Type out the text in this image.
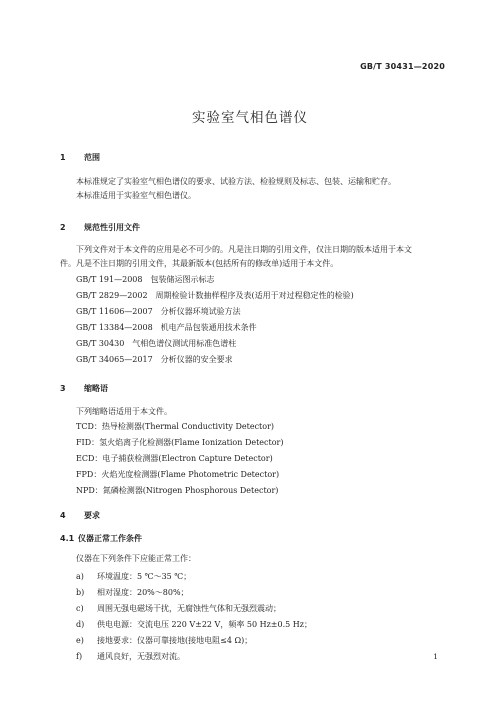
GB/T 30431—2020
实验室气相色谱仪
1 范围
本标准规定了实验室气相色谱仪的要求、试验方法、检验规则及标志、包装、运输和贮存。
本标准适用于实验室气相色谱仪。
2 规范性引用文件
下列文件对于本文件的应用是必不可少的。凡是注日期的引用文件，仅注日期的版本适用于本文
件。凡是不注日期的引用文件，其最新版本(包括所有的修改单)适用于本文件。
GB/T 191—2008　包装储运图示标志
GB/T 2829—2002　周期检验计数抽样程序及表(适用于对过程稳定性的检验)
GB/T 11606—2007　分析仪器环境试验方法
GB/T 13384—2008　机电产品包装通用技术条件
GB/T 30430　气相色谱仪测试用标准色谱柱
GB/T 34065—2017　分析仪器的安全要求
3 缩略语
下列缩略语适用于本文件。
TCD：热导检测器(Thermal Conductivity Detector)
FID：氢火焰离子化检测器(Flame Ionization Detector)
ECD：电子捕获检测器(Electron Capture Detector)
FPD：火焰光度检测器(Flame Photometric Detector)
NPD：氮磷检测器(Nitrogen Phosphorous Detector)
4 要求
4.1 仪器正常工作条件
仪器在下列条件下应能正常工作：
a) 环境温度：5 ℃～35 ℃；
b) 相对湿度：20%～80%；
c) 周围无强电磁场干扰，无腐蚀性气体和无强烈震动；
d) 供电电源：交流电压 220 V±22 V，频率 50 Hz±0.5 Hz；
e) 接地要求：仪器可靠接地(接地电阻≤4 Ω)；
f) 通风良好，无强烈对流。	1
